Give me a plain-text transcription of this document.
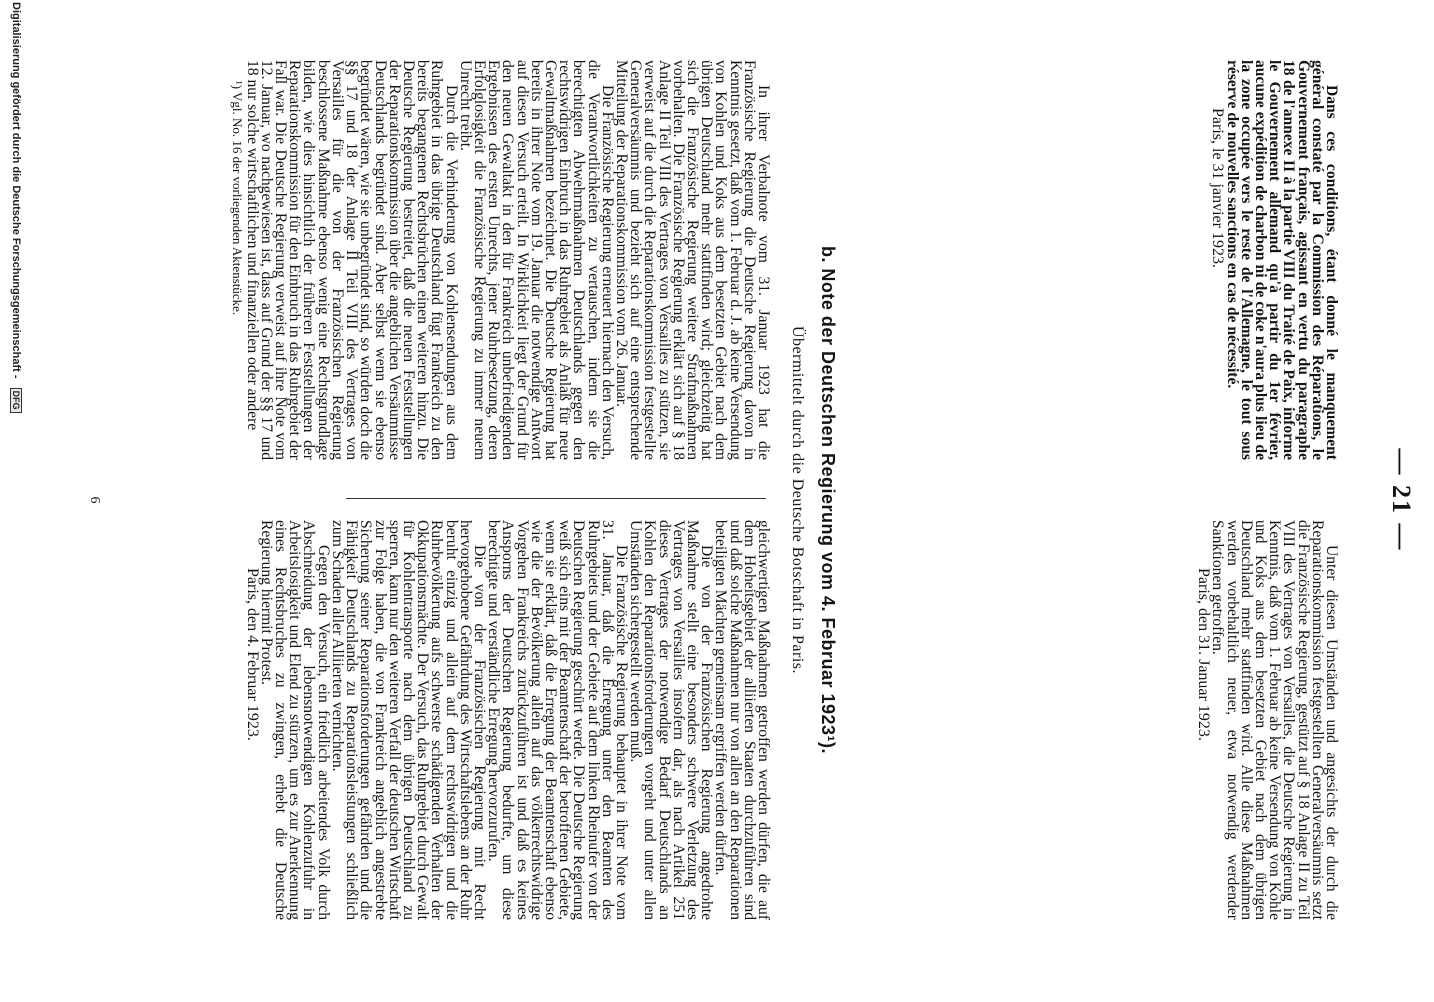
— 21 —

Dans ces conditions, étant donné le manquement général constaté par la Commission des Réparations, le Gouvernement français, agissant en vertu du paragraphe 18 de l'annexe II à la partie VIII du Traité de Paix, informe le Gouvernement allemand qu'à partir du 1er février, aucune expédition de charbon ni de coke n'aura plus lieu de la zone occupée vers le reste de l'Allemagne, le tout sous réserve de nouvelles sanctions en cas de nécessité.

Paris, le 31 janvier 1923.

Unter diesen Umständen und angesichts der durch die Reparationskommission festgestellten Generalversäumnis setzt die Französische Regierung, gestützt auf § 18 Anlage II zu Teil VIII des Vertrages von Versailles, die Deutsche Regierung in Kenntnis, daß vom 1. Februar ab keine Versendung von Kohle und Koks aus dem besetzten Gebiet nach dem übrigen Deutschland mehr stattfinden wird. Alle diese Maßnahmen werden vorbehaltlich neuer, etwa notwendig werdender Sanktionen getroffen.

Paris, den 31. Januar 1923.

b. Note der Deutschen Regierung vom 4. Februar 1923¹).
Übermittelt durch die Deutsche Botschaft in Paris.

In ihrer Verbalnote vom 31. Januar 1923 hat die Französische Regierung die Deutsche Regierung davon in Kenntnis gesetzt, daß vom 1. Februar d. J. ab keine Versendung von Kohlen und Koks aus dem besetzten Gebiet nach dem übrigen Deutschland mehr stattfinden wird; gleichzeitig hat sich die Französische Regierung weitere Strafmaßnahmen vorbehalten. Die Französische Regierung erklärt sich auf § 18 Anlage II Teil VIII des Vertrages von Versailles zu stützen, sie verweist auf die durch die Reparationskommission festgestellte Generalversäumnis und bezieht sich auf eine entsprechende Mitteilung der Reparationskommission vom 26. Januar.

Die Französische Regierung erneuert hiernach den Versuch, die Verantwortlichkeiten zu vertauschen, indem sie die berechtigten Abwehrmaßnahmen Deutschlands gegen den rechtswidrigen Einbruch in das Ruhrgebiet als Anlaß für neue Gewaltmaßnahmen bezeichnet. Die Deutsche Regierung hat bereits in ihrer Note vom 19. Januar die notwendige Antwort auf diesen Versuch erteilt. In Wirklichkeit liegt der Grund für den neuen Gewaltakt in den für Frankreich unbefriedigenden Ergebnissen des ersten Unrechts, jener Ruhrbesetzung, deren Erfolglosigkeit die Französische Regierung zu immer neuem Unrecht treibt.

Durch die Verhinderung von Kohlensendungen aus dem Ruhrgebiet in das übrige Deutschland fügt Frankreich zu den bereits begangenen Rechtsbrüchen einen weiteren hinzu. Die Deutsche Regierung bestreitet, daß die neuen Feststellungen der Reparationskommission über die angeblichen Versäumnisse Deutschlands begründet sind. Aber selbst wenn sie ebenso begründet wären, wie sie unbegründet sind, so würden doch die §§ 17 und 18 der Anlage II Teil VIII des Vertrages von Versailles für die von der Französischen Regierung beschlossene Maßnahme ebenso wenig eine Rechtsgrundlage bilden, wie dies hinsichtlich der früheren Feststellungen der Reparationskommission für den Einbruch in das Ruhrgebiet der Fall war. Die Deutsche Regierung verweist auf ihre Note vom 12. Januar, wo nachgewiesen ist, dass auf Grund der §§ 17 und 18 nur solche wirtschaftlichen und finanziellen oder andere

¹) Vgl. No. 16 der vorliegenden Aktenstücke.

gleichwertigen Maßnahmen getroffen werden dürfen, die auf dem Hoheitsgebiet der alliierten Staaten durchzuführen sind und daß solche Maßnahmen nur von allen an den Reparationen beteiligten Mächten gemeinsam ergriffen werden dürfen.

Die von der Französischen Regierung angedrohte Maßnahme stellt eine besonders schwere Verletzung des Vertrages von Versailles insofern dar, als nach Artikel 251 dieses Vertrages der notwendige Bedarf Deutschlands an Kohlen den Reparationsforderungen vorgeht und unter allen Umständen sichergestellt werden muß.

Die Französische Regierung behauptet in ihrer Note vom 31. Januar, daß die Erregung unter den Beamten des Ruhrgebiets und der Gebiete auf dem linken Rheinufer von der Deutschen Regierung geschürt werde. Die Deutsche Regierung weiß sich eins mit der Beamtenschaft der betroffenen Gebiete, wenn sie erklärt, daß die Erregung der Beamtenschaft ebenso wie die der Bevölkerung allein auf das völkerrechtswidrige Vorgehen Frankreichs zurückzuführen ist und daß es keines Ansporns der Deutschen Regierung bedurfte, um diese berechtigte und verständliche Erregung hervorzurufen.

Die von der Französischen Regierung mit Recht hervorgehobene Gefährdung des Wirtschaftslebens an der Ruhr beruht einzig und allein auf dem rechtswidrigen und die Ruhrbevölkerung aufs schwerste schädigenden Verhalten der Okkupationsmächte. Der Versuch, das Ruhrgebiet durch Gewalt für Kohlentransporte nach dem übrigen Deutschland zu sperren, kann nur den weiteren Verfall der deutschen Wirtschaft zur Folge haben, die von Frankreich angeblich angestrebte Sicherung seiner Reparationsforderungen gefährden und die Fähigkeit Deutschlands zu Reparationsleistungen schließlich zum Schaden aller Alliierten vernichten.

Gegen den Versuch, ein friedlich arbeitendes Volk durch Abschneidung der lebensnotwendigen Kohlenzufuhr in Arbeitslosigkeit und Elend zu stürzen, um es zur Anerkennung eines Rechtsbruches zu zwingen, erhebt die Deutsche Regierung hiermit Protest.

Paris, den 4. Februar 1923.

6
Digitalisierung gefördert durch die Deutsche Forschungsgemeinschaft - DFG
